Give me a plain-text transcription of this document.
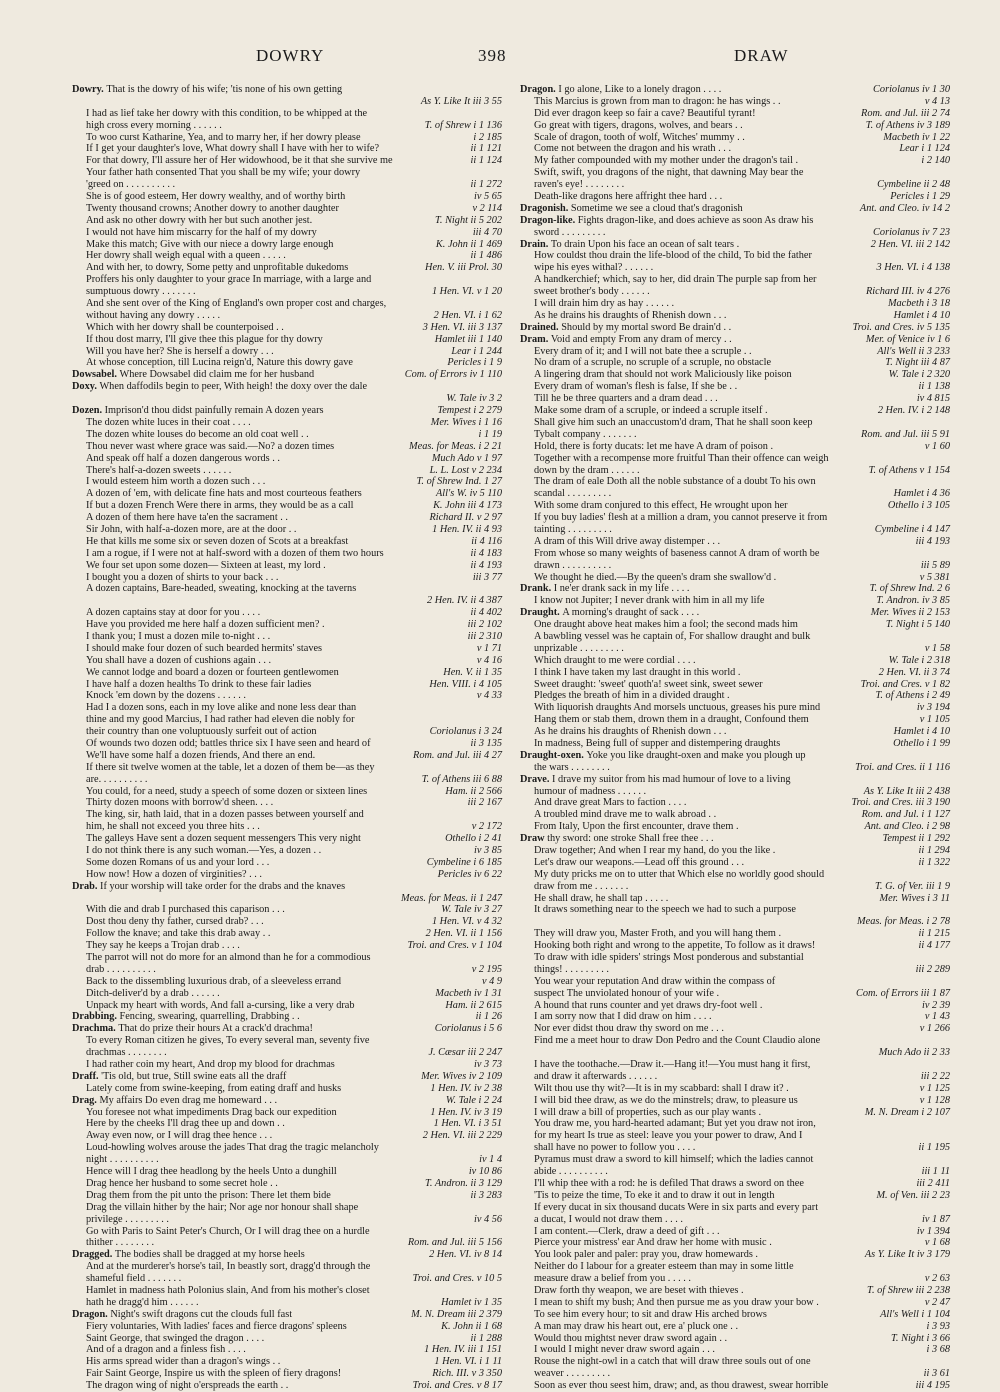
DOWRY	398	DRAW
Dowry. That is the dowry of his wife; 'tis none of his own getting
As Y. Like It iii 3 55
I had as lief take her dowry with this condition, to be whipped at the
high cross every morning . . . . . .	T. of Shrew i 1 136
To woo curst Katharine, Yea, and to marry her, if her dowry please	i 2 185
If I get your daughter's love, What dowry shall I have with her to wife?	ii 1 121
For that dowry, I'll assure her of Her widowhood, be it that she survive me	ii 1 124
Your father hath consented That you shall be my wife; your dowry
'greed on . . . . . . . . . .	ii 1 272
She is of good esteem, Her dowry wealthy, and of worthy birth	iv 5 65
Twenty thousand crowns; Another dowry to another daughter	v 2 114
And ask no other dowry with her but such another jest.	T. Night ii 5 202
I would not have him miscarry for the half of my dowry	iii 4 70
Make this match; Give with our niece a dowry large enough	K. John ii 1 469
Her dowry shall weigh equal with a queen . . . . .	ii 1 486
And with her, to dowry, Some petty and unprofitable dukedoms	Hen. V. iii Prol. 30
Proffers his only daughter to your grace In marriage, with a large and
sumptuous dowry . . . . . . .	1 Hen. VI. v 1 20
And she sent over of the King of England's own proper cost and charges,
without having any dowry . . . . .	2 Hen. VI. i 1 62
Which with her dowry shall be counterpoised . .	3 Hen. VI. iii 3 137
If thou dost marry, I'll give thee this plague for thy dowry	Hamlet iii 1 140
Will you have her? She is herself a dowry . . .	Lear i 1 244
At whose conception, till Lucina reign'd, Nature this dowry gave	Pericles i 1 9
Dowsabel. Where Dowsabel did claim me for her husband	Com. of Errors iv 1 110
Doxy. When daffodils begin to peer, With heigh! the doxy over the dale
W. Tale iv 3 2
Dozen. Imprison'd thou didst painfully remain A dozen years	Tempest i 2 279
The dozen white luces in their coat . . . .	Mer. Wives i 1 16
The dozen white louses do become an old coat well . .	i 1 19
Thou never wast where grace was said.—No? a dozen times	Meas. for Meas. i 2 21
And speak off half a dozen dangerous words . .	Much Ado v 1 97
There's half-a-dozen sweets . . . . . .	L. L. Lost v 2 234
I would esteem him worth a dozen such . . .	T. of Shrew Ind. 1 27
A dozen of 'em, with delicate fine hats and most courteous feathers	All's W. iv 5 110
If but a dozen French Were there in arms, they would be as a call	K. John iii 4 173
A dozen of them here have ta'en the sacrament . .	Richard II. v 2 97
Sir John, with half-a-dozen more, are at the door . .	1 Hen. IV. ii 4 93
He that kills me some six or seven dozen of Scots at a breakfast	ii 4 116
I am a rogue, if I were not at half-sword with a dozen of them two hours	ii 4 183
We four set upon some dozen— Sixteen at least, my lord .	ii 4 193
I bought you a dozen of shirts to your back . . .	iii 3 77
A dozen captains, Bare-headed, sweating, knocking at the taverns
2 Hen. IV. ii 4 387
A dozen captains stay at door for you . . . .	ii 4 402
Have you provided me here half a dozen sufficient men? .	iii 2 102
I thank you; I must a dozen mile to-night . . .	iii 2 310
I should make four dozen of such bearded hermits' staves	v 1 71
You shall have a dozen of cushions again . . .	v 4 16
We cannot lodge and board a dozen or fourteen gentlewomen	Hen. V. ii 1 35
I have half a dozen healths To drink to these fair ladies	Hen. VIII. i 4 105
Knock 'em down by the dozens . . . . . .	v 4 33
Had I a dozen sons, each in my love alike and none less dear than
thine and my good Marcius, I had rather had eleven die nobly for
their country than one voluptuously surfeit out of action	Coriolanus i 3 24
Of wounds two dozen odd; battles thrice six I have seen and heard of	ii 3 135
We'll have some half a dozen friends, And there an end.	Rom. and Jul. iii 4 27
If there sit twelve women at the table, let a dozen of them be—as they
are. . . . . . . . . .	T. of Athens iii 6 88
You could, for a need, study a speech of some dozen or sixteen lines	Ham. ii 2 566
Thirty dozen moons with borrow'd sheen. . . .	iii 2 167
The king, sir, hath laid, that in a dozen passes between yourself and
him, he shall not exceed you three hits . . .	v 2 172
The galleys Have sent a dozen sequent messengers This very night	Othello i 2 41
I do not think there is any such woman.—Yes, a dozen . .	iv 3 85
Some dozen Romans of us and your lord . . .	Cymbeline i 6 185
How now! How a dozen of virginities? . . .	Pericles iv 6 22
Drab. If your worship will take order for the drabs and the knaves
Meas. for Meas. ii 1 247
With die and drab I purchased this caparison . . .	W. Tale iv 3 27
Dost thou deny thy father, cursed drab? . . .	1 Hen. VI. v 4 32
Follow the knave; and take this drab away . .	2 Hen. VI. ii 1 156
They say he keeps a Trojan drab . . . .	Troi. and Cres. v 1 104
The parrot will not do more for an almond than he for a commodious
drab . . . . . . . . . .	v 2 195
Back to the dissembling luxurious drab, of a sleeveless errand	v 4 9
Ditch-deliver'd by a drab . . . . . .	Macbeth iv 1 31
Unpack my heart with words, And fall a-cursing, like a very drab	Ham. ii 2 615
Drabbing. Fencing, swearing, quarrelling, Drabbing . .	ii 1 26
Drachma. That do prize their hours At a crack'd drachma!	Coriolanus i 5 6
To every Roman citizen he gives, To every several man, seventy five
drachmas . . . . . . . .	J. Cæsar iii 2 247
I had rather coin my heart, And drop my blood for drachmas	iv 3 73
Draff. 'Tis old, but true, Still swine eats all the draff	Mer. Wives iv 2 109
Lately come from swine-keeping, from eating draff and husks	1 Hen. IV. iv 2 38
Drag. My affairs Do even drag me homeward . . .	W. Tale i 2 24
You foresee not what impediments Drag back our expedition	1 Hen. IV. iv 3 19
Here by the cheeks I'll drag thee up and down . .	1 Hen. VI. i 3 51
Away even now, or I will drag thee hence . . .	2 Hen. VI. iii 2 229
Loud-howling wolves arouse the jades That drag the tragic melancholy
night . . . . . . . . . .	iv 1 4
Hence will I drag thee headlong by the heels Unto a dunghill	iv 10 86
Drag hence her husband to some secret hole . .	T. Andron. ii 3 129
Drag them from the pit unto the prison: There let them bide	ii 3 283
Drag the villain hither by the hair; Nor age nor honour shall shape
privilege . . . . . . . . .	iv 4 56
Go with Paris to Saint Peter's Church, Or I will drag thee on a hurdle
thither . . . . . . . .	Rom. and Jul. iii 5 156
Dragged. The bodies shall be dragged at my horse heels	2 Hen. VI. iv 8 14
And at the murderer's horse's tail, In beastly sort, dragg'd through the
shameful field . . . . . . .	Troi. and Cres. v 10 5
Hamlet in madness hath Polonius slain, And from his mother's closet
hath he dragg'd him . . . . . .	Hamlet iv 1 35
Dragon. Night's swift dragons cut the clouds full fast	M. N. Dream iii 2 379
Fiery voluntaries, With ladies' faces and fierce dragons' spleens	K. John ii 1 68
Saint George, that swinged the dragon . . . .	ii 1 288
And of a dragon and a finless fish . . . .	1 Hen. IV. iii 1 151
His arms spread wider than a dragon's wings . .	1 Hen. VI. i 1 11
Fair Saint George, Inspire us with the spleen of fiery dragons!	Rich. III. v 3 350
The dragon wing of night o'erspreads the earth . .	Troi. and Cres. v 8 17
Dragon. I go alone, Like to a lonely dragon . . . .	Coriolanus iv 1 30
This Marcius is grown from man to dragon: he has wings . .	v 4 13
Did ever dragon keep so fair a cave? Beautiful tyrant!	Rom. and Jul. iii 2 74
Go great with tigers, dragons, wolves, and bears . .	T. of Athens iv 3 189
Scale of dragon, tooth of wolf, Witches' mummy . .	Macbeth iv 1 22
Come not between the dragon and his wrath . . .	Lear i 1 124
My father compounded with my mother under the dragon's tail .	i 2 140
Swift, swift, you dragons of the night, that dawning May bear the
raven's eye! . . . . . . . .	Cymbeline ii 2 48
Death-like dragons here affright thee hard . . .	Pericles i 1 29
Dragonish. Sometime we see a cloud that's dragonish	Ant. and Cleo. iv 14 2
Dragon-like. Fights dragon-like, and does achieve as soon As draw his
sword . . . . . . . . .	Coriolanus iv 7 23
Drain. To drain Upon his face an ocean of salt tears .	2 Hen. VI. iii 2 142
How couldst thou drain the life-blood of the child, To bid the father
wipe his eyes withal? . . . . . .	3 Hen. VI. i 4 138
A handkerchief; which, say to her, did drain The purple sap from her
sweet brother's body . . . . . .	Richard III. iv 4 276
I will drain him dry as hay . . . . . .	Macbeth i 3 18
As he drains his draughts of Rhenish down . . .	Hamlet i 4 10
Drained. Should by my mortal sword Be drain'd . .	Troi. and Cres. iv 5 135
Dram. Void and empty From any dram of mercy . .	Mer. of Venice iv 1 6
Every dram of it; and I will not bate thee a scruple . .	All's Well ii 3 233
No dram of a scruple, no scruple of a scruple, no obstacle	T. Night iii 4 87
A lingering dram that should not work Maliciously like poison	W. Tale i 2 320
Every dram of woman's flesh is false, If she be . .	ii 1 138
Till he be three quarters and a dram dead . . .	iv 4 815
Make some dram of a scruple, or indeed a scruple itself .	2 Hen. IV. i 2 148
Shall give him such an unaccustom'd dram, That he shall soon keep
Tybalt company . . . . . . .	Rom. and Jul. iii 5 91
Hold, there is forty ducats: let me have A dram of poison .	v 1 60
Together with a recompense more fruitful Than their offence can weigh
down by the dram . . . . . .	T. of Athens v 1 154
The dram of eale Doth all the noble substance of a doubt To his own
scandal . . . . . . . . .	Hamlet i 4 36
With some dram conjured to this effect, He wrought upon her	Othello i 3 105
If you buy ladies' flesh at a million a dram, you cannot preserve it from
tainting . . . . . . . . .	Cymbeline i 4 147
A dram of this Will drive away distemper . . .	iii 4 193
From whose so many weights of baseness cannot A dram of worth be
drawn . . . . . . . . . .	iii 5 89
We thought he died.—By the queen's dram she swallow'd .	v 5 381
Drank. I ne'er drank sack in my life . . . .	T. of Shrew Ind. 2 6
I know not Jupiter; I never drank with him in all my life	T. Andron. iv 3 85
Draught. A morning's draught of sack . . . .	Mer. Wives ii 2 153
One draught above heat makes him a fool; the second mads him	T. Night i 5 140
A bawbling vessel was he captain of, For shallow draught and bulk
unprizable . . . . . . . . .	v 1 58
Which draught to me were cordial . . . .	W. Tale i 2 318
I think I have taken my last draught in this world .	2 Hen. VI. ii 3 74
Sweet draught: 'sweet' quoth'a! sweet sink, sweet sewer	Troi. and Cres. v 1 82
Pledges the breath of him in a divided draught .	T. of Athens i 2 49
With liquorish draughts And morsels unctuous, greases his pure mind	iv 3 194
Hang them or stab them, drown them in a draught, Confound them	v 1 105
As he drains his draughts of Rhenish down . . .	Hamlet i 4 10
In madness, Being full of supper and distempering draughts	Othello i 1 99
Draught-oxen. Yoke you like draught-oxen and make you plough up
the wars . . . . . . . .	Troi. and Cres. ii 1 116
Drave. I drave my suitor from his mad humour of love to a living
humour of madness . . . . . .	As Y. Like It iii 2 438
And drave great Mars to faction . . . .	Troi. and Cres. iii 3 190
A troubled mind drave me to walk abroad . .	Rom. and Jul. i 1 127
From Italy, Upon the first encounter, drave them .	Ant. and Cleo. i 2 98
Draw thy sword: one stroke Shall free thee . . .	Tempest ii 1 292
Draw together; And when I rear my hand, do you the like .	ii 1 294
Let's draw our weapons.—Lead off this ground . . .	ii 1 322
My duty pricks me on to utter that Which else no worldly good should
draw from me . . . . . . .	T. G. of Ver. iii 1 9
He shall draw, he shall tap . . . . .	Mer. Wives i 3 11
It draws something near to the speech we had to such a purpose
Meas. for Meas. i 2 78
They will draw you, Master Froth, and you will hang them .	ii 1 215
Hooking both right and wrong to the appetite, To follow as it draws!	ii 4 177
To draw with idle spiders' strings Most ponderous and substantial
things! . . . . . . . . .	iii 2 289
You wear your reputation And draw within the compass of
suspect The unviolated honour of your wife .	Com. of Errors iii 1 87
A hound that runs counter and yet draws dry-foot well .	iv 2 39
I am sorry now that I did draw on him . . . .	v 1 43
Nor ever didst thou draw thy sword on me . . .	v 1 266
Find me a meet hour to draw Don Pedro and the Count Claudio alone
Much Ado ii 2 33
I have the toothache.—Draw it.—Hang it!—You must hang it first,
and draw it afterwards . . . . . .	iii 2 22
Wilt thou use thy wit?—It is in my scabbard: shall I draw it? .	v 1 125
I will bid thee draw, as we do the minstrels; draw, to pleasure us	v 1 128
I will draw a bill of properties, such as our play wants .	M. N. Dream i 2 107
You draw me, you hard-hearted adamant; But yet you draw not iron,
for my heart Is true as steel: leave you your power to draw, And I
shall have no power to follow you . . . .	ii 1 195
Pyramus must draw a sword to kill himself; which the ladies cannot
abide . . . . . . . . . .	iii 1 11
I'll whip thee with a rod: he is defiled That draws a sword on thee	iii 2 411
'Tis to peize the time, To eke it and to draw it out in length	M. of Ven. iii 2 23
If every ducat in six thousand ducats Were in six parts and every part
a ducat, I would not draw them . . . .	iv 1 87
I am content.—Clerk, draw a deed of gift . . .	iv 1 394
Pierce your mistress' ear And draw her home with music .	v 1 68
You look paler and paler: pray you, draw homewards .	As Y. Like It iv 3 179
Neither do I labour for a greater esteem than may in some little
measure draw a belief from you . . . . .	v 2 63
Draw forth thy weapon, we are beset with thieves .	T. of Shrew iii 2 238
I mean to shift my bush; And then pursue me as you draw your bow .	v 2 47
To see him every hour; to sit and draw His arched brows	All's Well i 1 104
A man may draw his heart out, ere a' pluck one . .	i 3 93
Would thou mightst never draw sword again . .	T. Night i 3 66
I would I might never draw sword again . . .	i 3 68
Rouse the night-owl in a catch that will draw three souls out of one
weaver . . . . . . . . .	ii 3 61
Soon as ever thou seest him, draw; and, as thou drawest, swear horrible	iii 4 195
